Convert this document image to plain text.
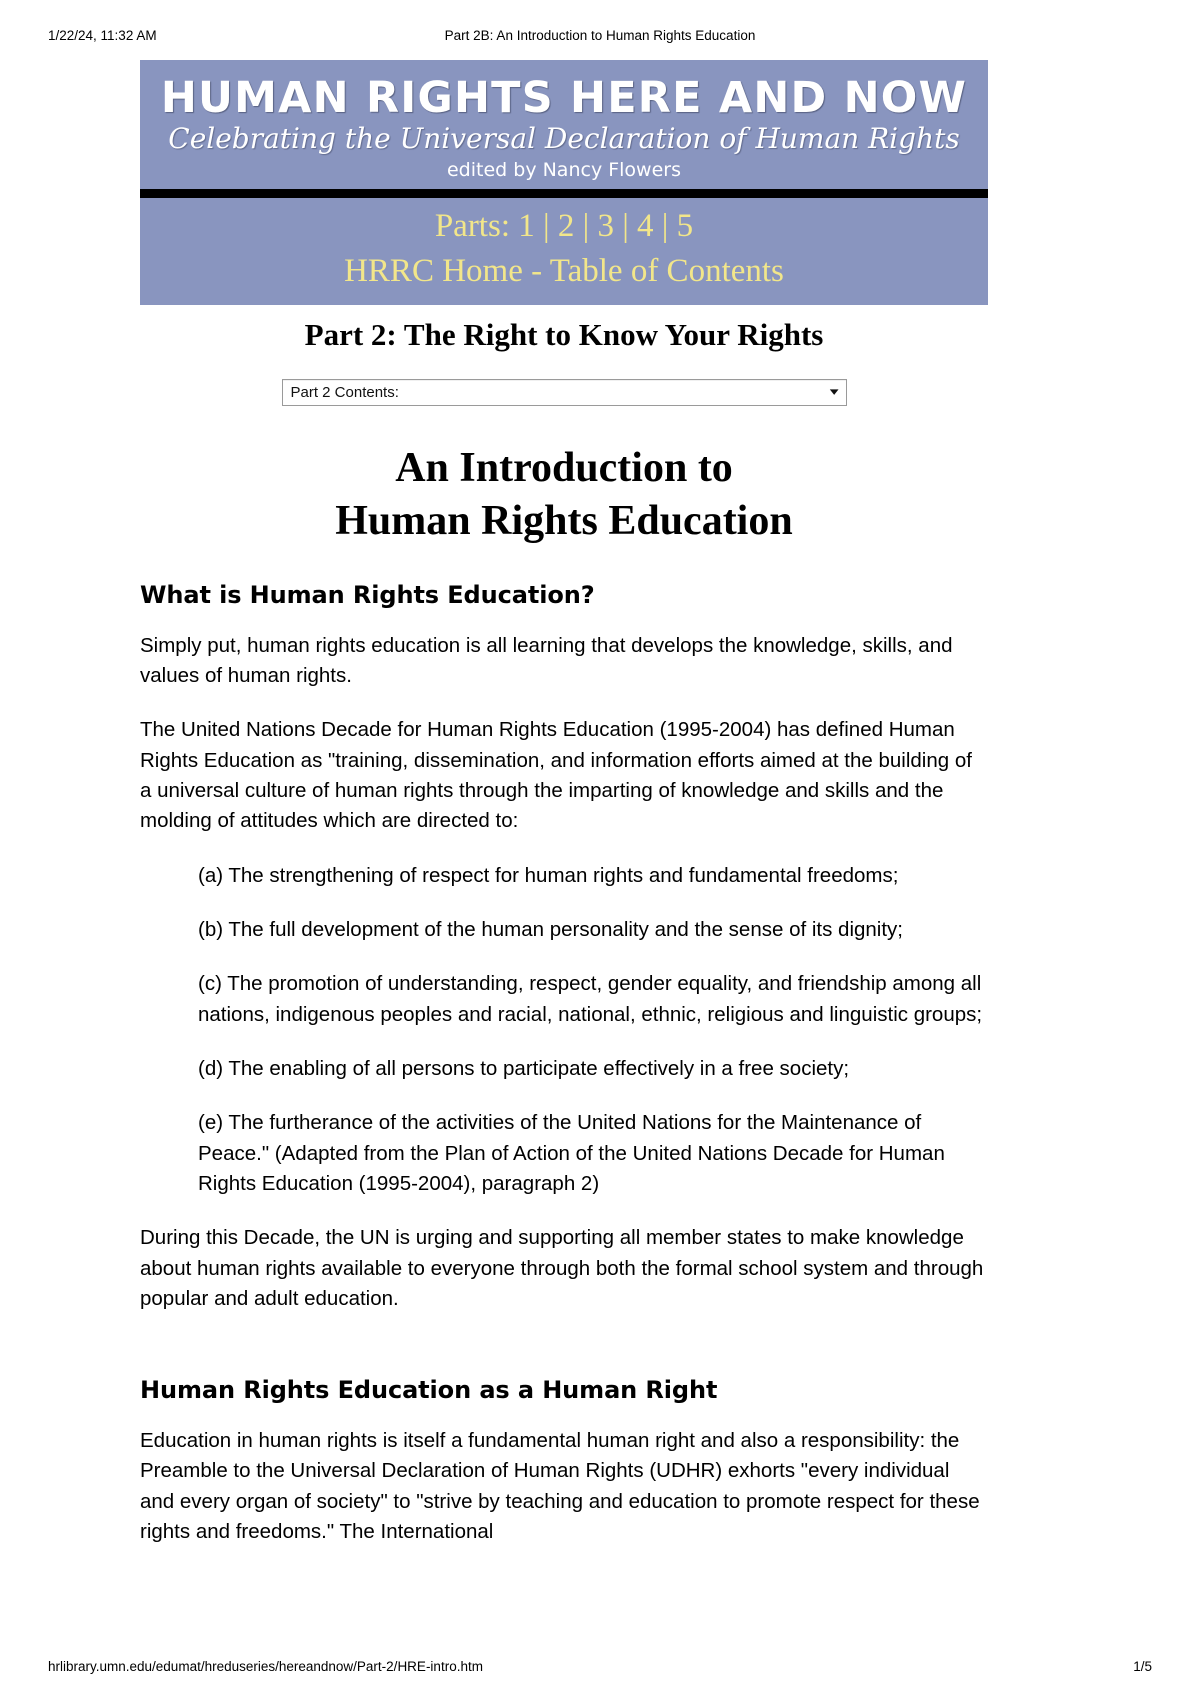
1/22/24, 11:32 AM	Part 2B: An Introduction to Human Rights Education
HUMAN RIGHTS HERE AND NOW
Celebrating the Universal Declaration of Human Rights
edited by Nancy Flowers
Parts: 1 | 2 | 3 | 4 | 5
HRRC Home - Table of Contents
Part 2: The Right to Know Your Rights
Part 2 Contents:	▾
An Introduction to
Human Rights Education
What is Human Rights Education?

Simply put, human rights education is all learning that develops the knowledge, skills, and values of human rights.

The United Nations Decade for Human Rights Education (1995-2004) has defined Human Rights Education as "training, dissemination, and information efforts aimed at the building of a universal culture of human rights through the imparting of knowledge and skills and the molding of attitudes which are directed to:

(a) The strengthening of respect for human rights and fundamental freedoms;

(b) The full development of the human personality and the sense of its dignity;

(c) The promotion of understanding, respect, gender equality, and friendship among all nations, indigenous peoples and racial, national, ethnic, religious and linguistic groups;

(d) The enabling of all persons to participate effectively in a free society;

(e) The furtherance of the activities of the United Nations for the Maintenance of Peace." (Adapted from the Plan of Action of the United Nations Decade for Human Rights Education (1995-2004), paragraph 2)

During this Decade, the UN is urging and supporting all member states to make knowledge about human rights available to everyone through both the formal school system and through popular and adult education.

Human Rights Education as a Human Right

Education in human rights is itself a fundamental human right and also a responsibility: the Preamble to the Universal Declaration of Human Rights (UDHR) exhorts "every individual and every organ of society" to "strive by teaching and education to promote respect for these rights and freedoms." The International

hrlibrary.umn.edu/edumat/hreduseries/hereandnow/Part-2/HRE-intro.htm	1/5
